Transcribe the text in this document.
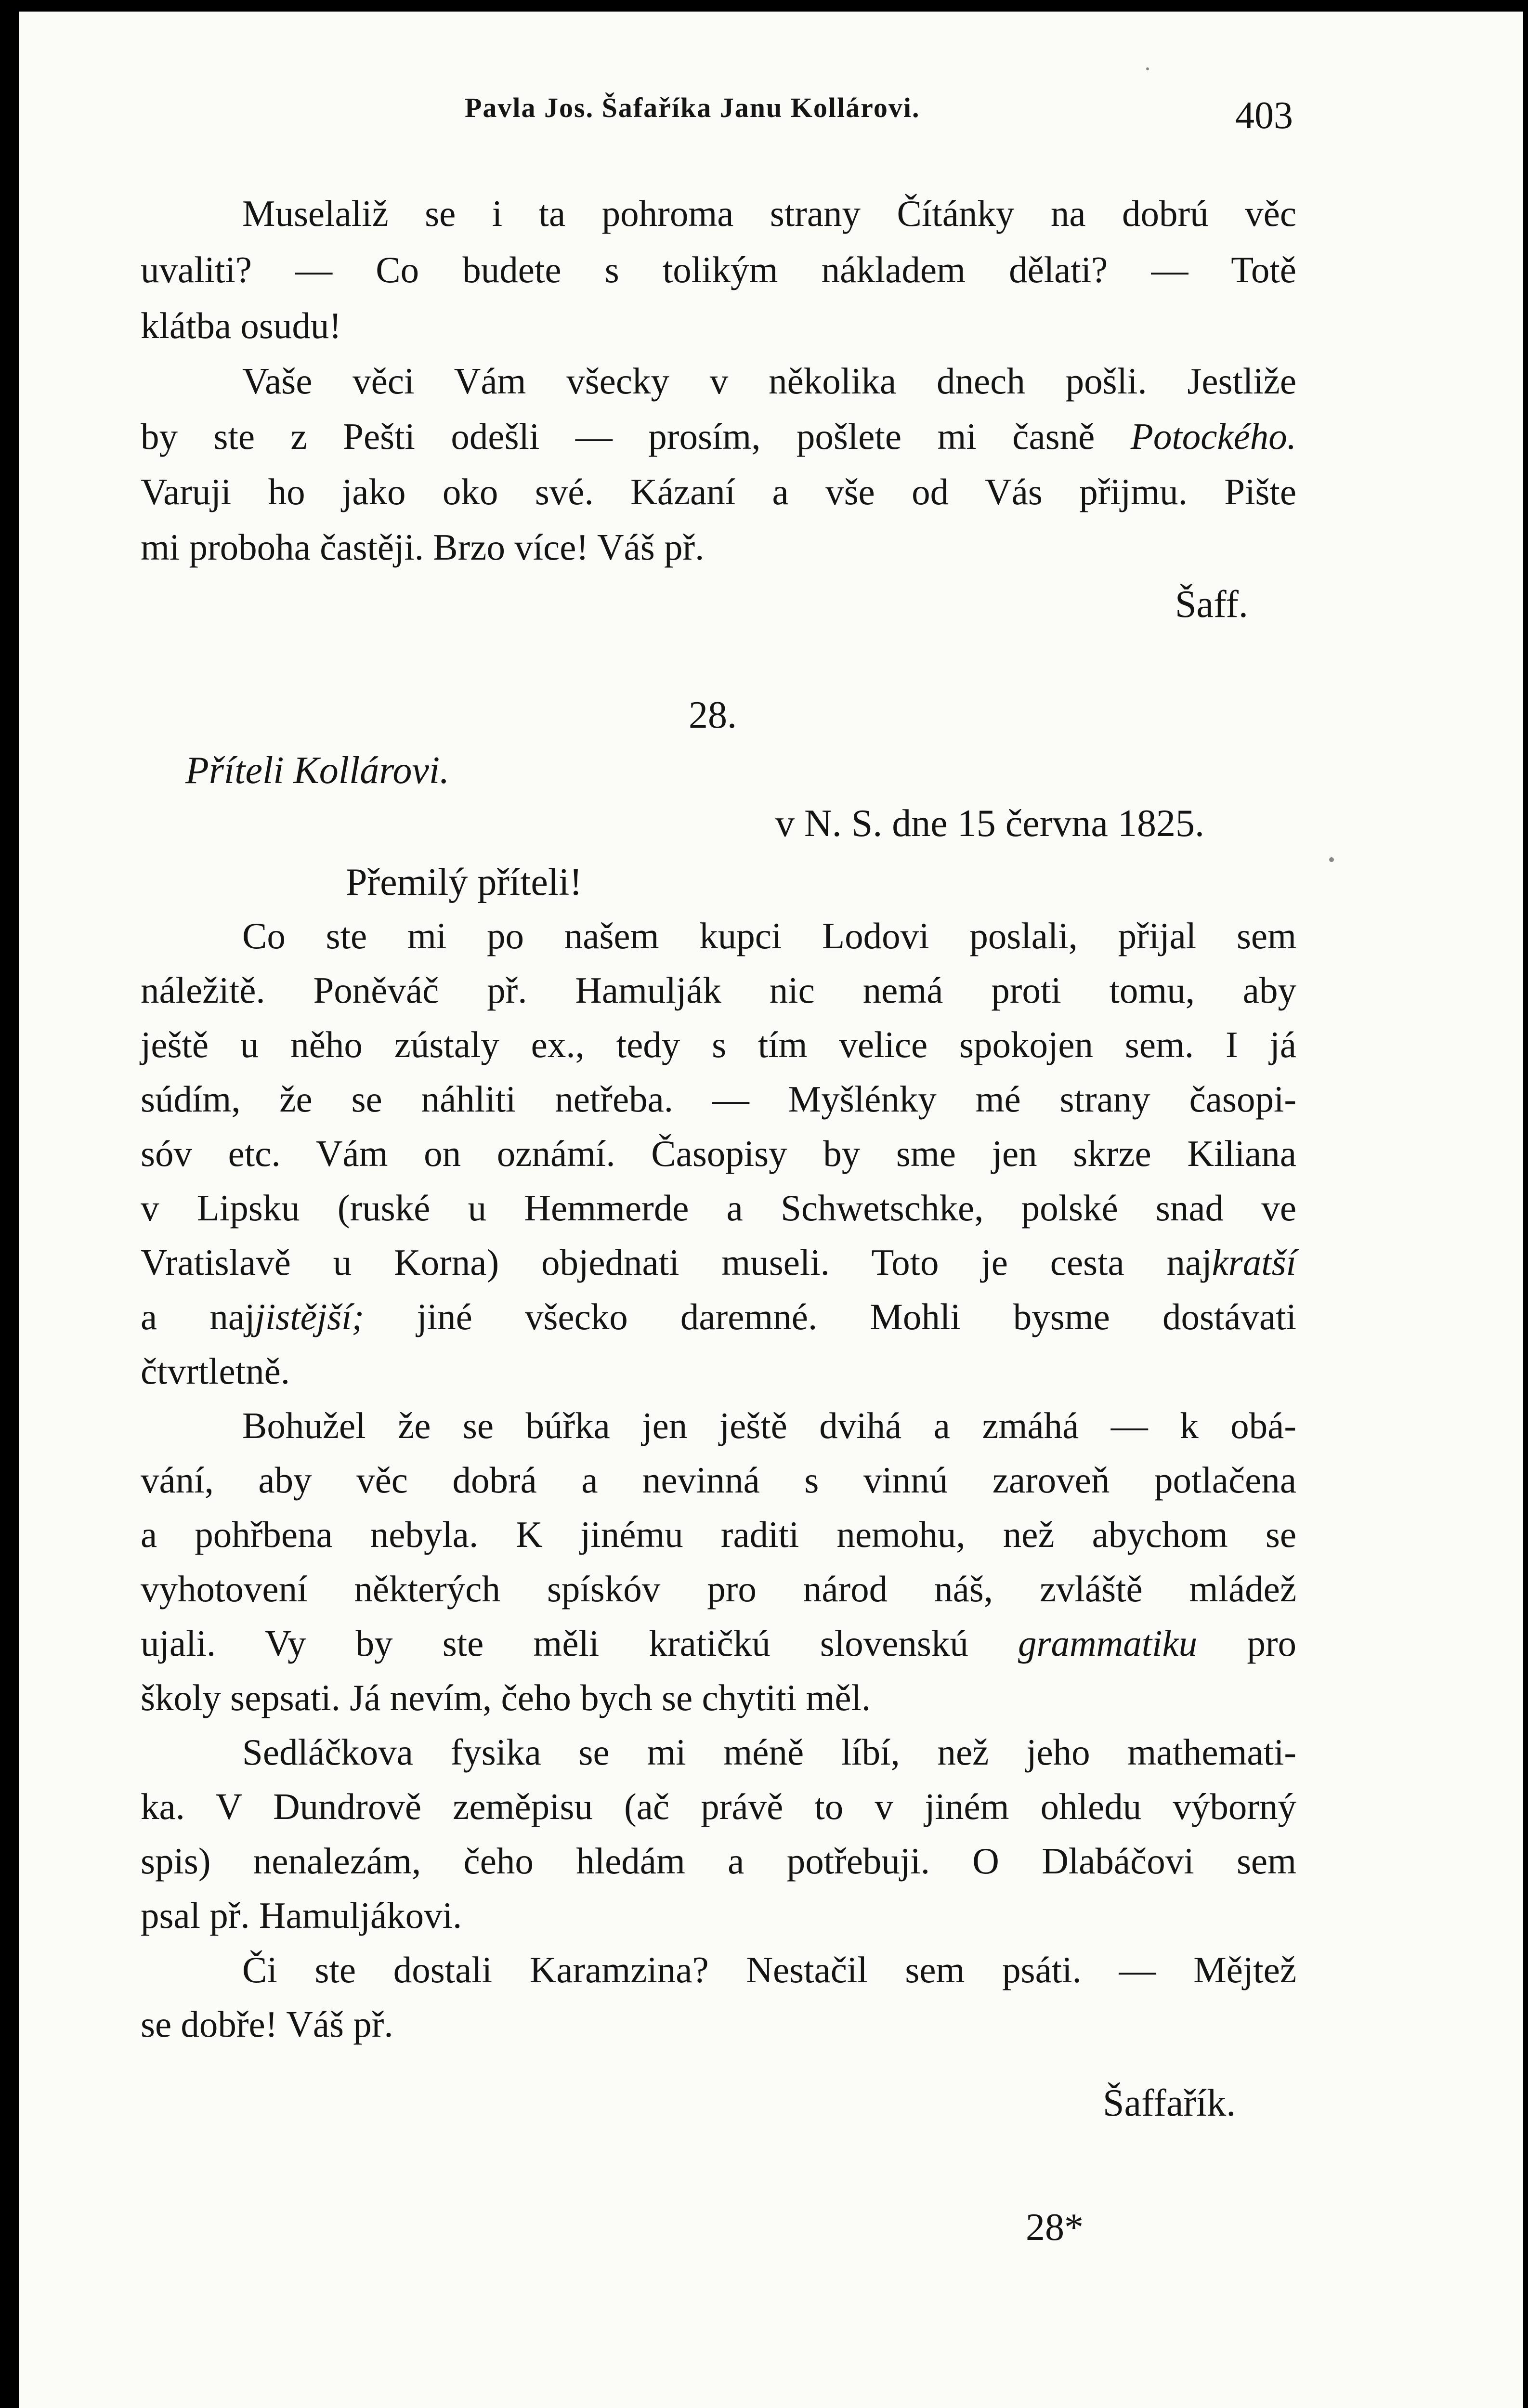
Pavla Jos. Šafaříka Janu Kollárovi.	403
Muselaliž se i ta pohroma strany Čítánky na dobrú věc
uvaliti? — Co budete s tolikým nákladem dělati? — Totě
klátba osudu!
Vaše věci Vám všecky v několika dnech pošli. Jestliže
by ste z Pešti odešli — prosím, pošlete mi časně Potockého.
Varuji ho jako oko své. Kázaní a vše od Vás přijmu. Pište
mi proboha častěji. Brzo více! Váš př.
Šaff.
28.
Příteli Kollárovi.
v N. S. dne 15 června 1825.
Přemilý příteli!
Co ste mi po našem kupci Lodovi poslali, přijal sem
náležitě. Poněváč př. Hamulják nic nemá proti tomu, aby
ještě u něho zústaly ex., tedy s tím velice spokojen sem. I já
súdím, že se náhliti netřeba. — Myšlénky mé strany časopi-
sóv etc. Vám on oznámí. Časopisy by sme jen skrze Kiliana
v Lipsku (ruské u Hemmerde a Schwetschke, polské snad ve
Vratislavě u Korna) objednati museli. Toto je cesta najkratší
a najjistější; jiné všecko daremné. Mohli bysme dostávati
čtvrtletně.
Bohužel že se búřka jen ještě dvihá a zmáhá — k obá-
vání, aby věc dobrá a nevinná s vinnú zaroveň potlačena
a pohřbena nebyla. K jinému raditi nemohu, než abychom se
vyhotovení některých spískóv pro národ náš, zvláště mládež
ujali. Vy by ste měli kratičkú slovenskú grammatiku pro
školy sepsati. Já nevím, čeho bych se chytiti měl.
Sedláčkova fysika se mi méně líbí, než jeho mathemati-
ka. V Dundrově zeměpisu (ač právě to v jiném ohledu výborný
spis) nenalezám, čeho hledám a potřebuji. O Dlabáčovi sem
psal př. Hamuljákovi.
Či ste dostali Karamzina? Nestačil sem psáti. — Mějtež
se dobře! Váš př.
Šaffařík.
28*
